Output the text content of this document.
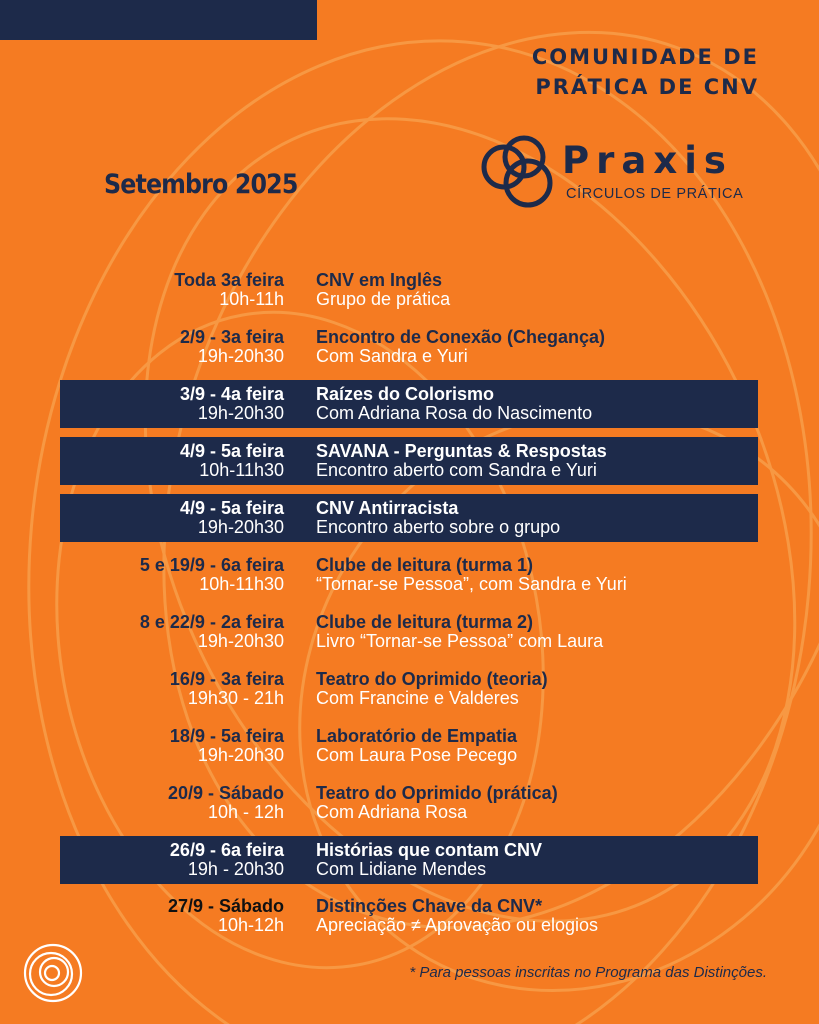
COMUNIDADE DE
PRÁTICA DE CNV
Setembro 2025
Praxis
CÍRCULOS DE PRÁTICA
Toda 3a feira
10h-11h
CNV em Inglês
Grupo de prática
2/9 - 3a feira
19h-20h30
Encontro de Conexão (Chegança)
Com Sandra e Yuri
3/9 - 4a feira
19h-20h30
Raízes do Colorismo
Com Adriana Rosa do Nascimento
4/9 - 5a feira
10h-11h30
SAVANA - Perguntas & Respostas
Encontro aberto com Sandra e Yuri
4/9 - 5a feira
19h-20h30
CNV Antirracista
Encontro aberto sobre o grupo
5 e 19/9 - 6a feira
10h-11h30
Clube de leitura (turma 1)
“Tornar-se Pessoa”, com Sandra e Yuri
8 e 22/9 - 2a feira
19h-20h30
Clube de leitura (turma 2)
Livro “Tornar-se Pessoa” com Laura
16/9 - 3a feira
19h30 - 21h
Teatro do Oprimido (teoria)
Com Francine e Valderes
18/9 - 5a feira
19h-20h30
Laboratório de Empatia
Com Laura Pose Pecego
20/9 - Sábado
10h - 12h
Teatro do Oprimido (prática)
Com Adriana Rosa
26/9 - 6a feira
19h - 20h30
Histórias que contam CNV
Com Lidiane Mendes
27/9 - Sábado
10h-12h
Distinções Chave da CNV*
Apreciação ≠ Aprovação ou elogios
* Para pessoas inscritas no Programa das Distinções.
